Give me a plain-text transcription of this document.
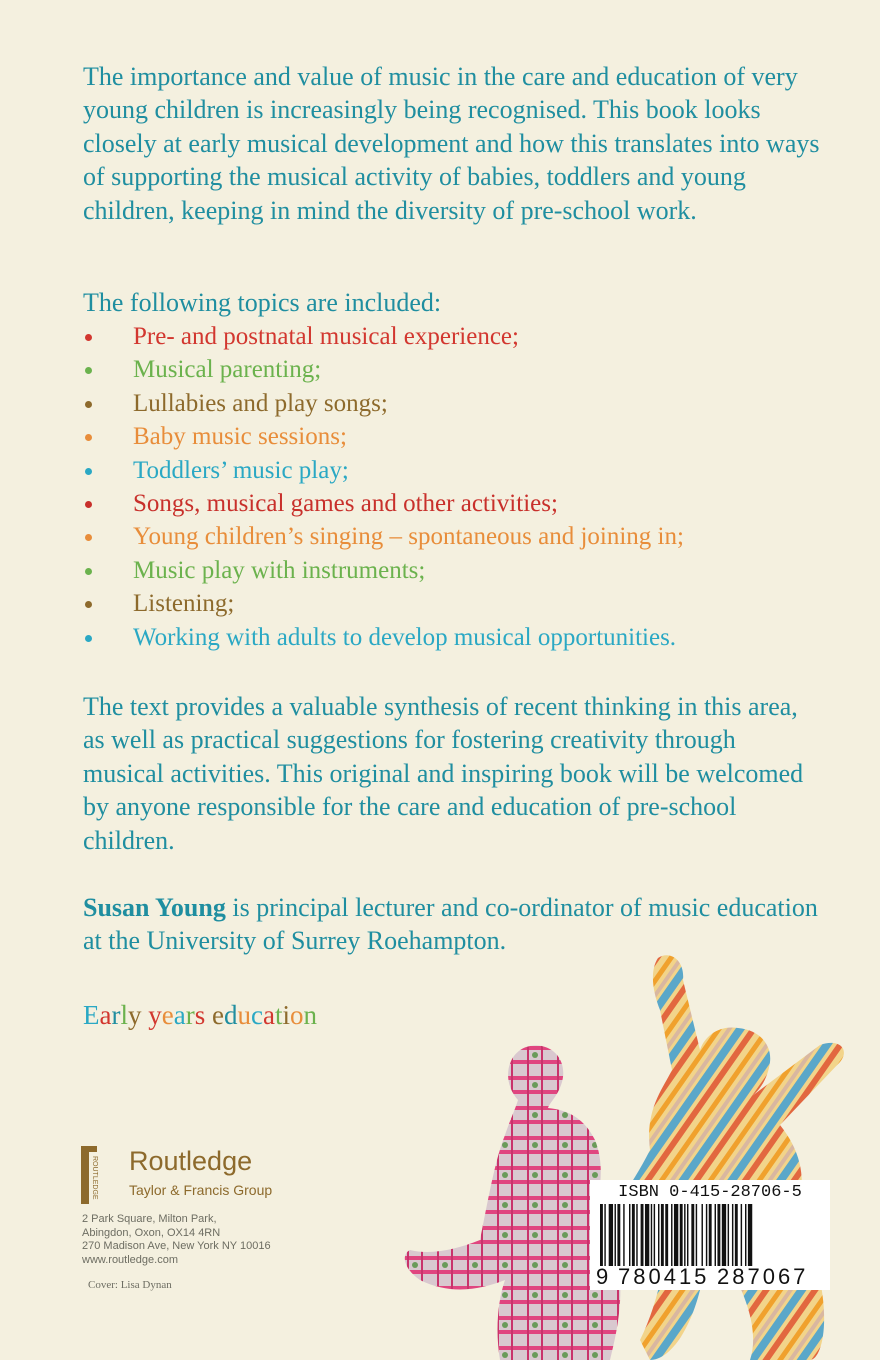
The importance and value of music in the care and education of very young children is increasingly being recognised. This book looks closely at early musical development and how this translates into ways of supporting the musical activity of babies, toddlers and young children, keeping in mind the diversity of pre-school work.
The following topics are included:
Pre- and postnatal musical experience;
Musical parenting;
Lullabies and play songs;
Baby music sessions;
Toddlers’ music play;
Songs, musical games and other activities;
Young children’s singing – spontaneous and joining in;
Music play with instruments;
Listening;
Working with adults to develop musical opportunities.
The text provides a valuable synthesis of recent thinking in this area, as well as practical suggestions for fostering creativity through musical activities. This original and inspiring book will be welcomed by anyone responsible for the care and education of pre-school children.
Susan Young is principal lecturer and co-ordinator of music education at the University of Surrey Roehampton.
Early years education
ROUTLEDGE Routledge
Taylor & Francis Group
2 Park Square, Milton Park,
Abingdon, Oxon, OX14 4RN
270 Madison Ave, New York NY 10016
www.routledge.com
Cover: Lisa Dynan
ISBN 0-415-28706-5
9 780415 287067
